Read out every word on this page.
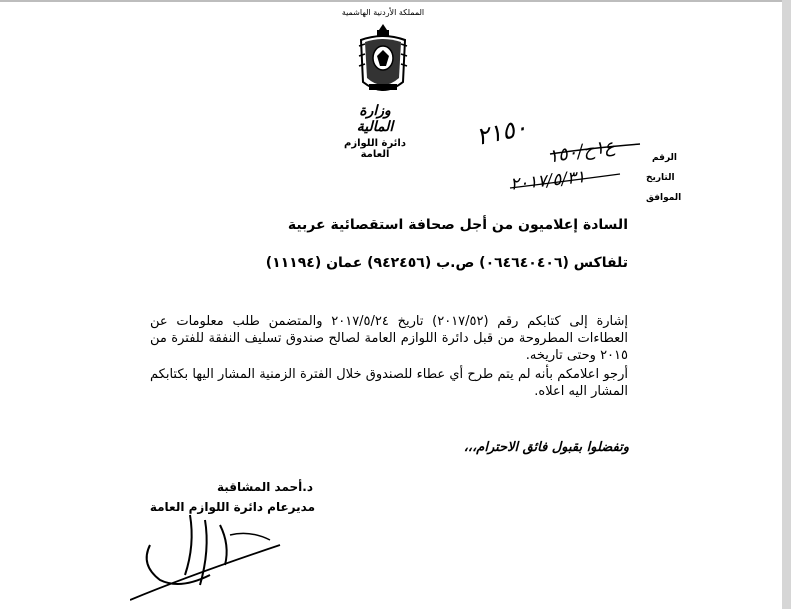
المملكة الأردنية الهاشمية
وزارة المالية
دائرة اللوازم العامة	الرقم
التاريخ
الموافق
٢١٥٠
ع١ح/١٥٠
٢٠١٧/٥/٣١
السادة إعلاميون من أجل صحافة استقصائية عربية
تلفاكس (٠٦٤٦٤٠٤٠٦) ص.ب (٩٤٢٤٥٦) عمان (١١١٩٤)
إشارة إلى كتابكم رقم (٢٠١٧/٥٢) تاريخ ٢٠١٧/٥/٢٤ والمتضمن طلب معلومات عن العطاءات المطروحة من قبل دائرة اللوازم العامة لصالح صندوق تسليف النفقة للفترة من ٢٠١٥ وحتى تاريخه.
أرجو اعلامكم بأنه لم يتم طرح أي عطاء للصندوق خلال الفترة الزمنية المشار اليها بكتابكم المشار اليه اعلاه.
وتفضلوا بقبول فائق الاحترام،،،
د.أحمد المشاقبة
مديرعام دائرة اللوازم العامة
